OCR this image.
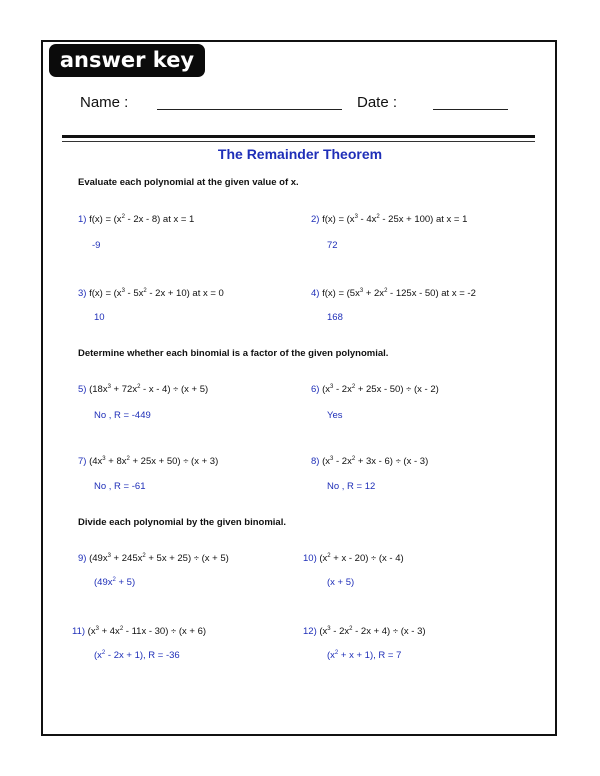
answer key
Name :	Date :
The Remainder Theorem
Evaluate each polynomial at the given value of x.
Determine whether each binomial is a factor of the given polynomial.
Divide each polynomial by the given binomial.
1) $f(x) = (x^2 - 2x - 8)$ at x = 1
-9
2) $f(x) = (x^3 - 4x^2 - 25x + 100)$ at x = 1
72
3) $f(x) = (x^3 - 5x^2 - 2x + 10)$ at x = 0
10
4) $f(x) = (5x^3 + 2x^2 - 125x - 50)$ at x = -2
168
5) $(18x^3 + 72x^2 - x - 4) \div (x + 5)$
No , R = -449
6) $(x^3 - 2x^2 + 25x - 50) \div (x - 2)$
Yes
7) $(4x^3 + 8x^2 + 25x + 50) \div (x + 3)$
No , R = -61
8) $(x^3 - 2x^2 + 3x - 6) \div (x - 3)$
No , R = 12
9) $(49x^3 + 245x^2 + 5x + 25) \div (x + 5)$
$(49x^2 + 5)$
10) $(x^2 + x - 20) \div (x - 4)$
(x + 5)
11) $(x^3 + 4x^2 - 11x - 30) \div (x + 6)$
$(x^2 - 2x + 1)$, R = -36
12) $(x^3 - 2x^2 - 2x + 4) \div (x - 3)$
$(x^2 + x + 1)$, R = 7
